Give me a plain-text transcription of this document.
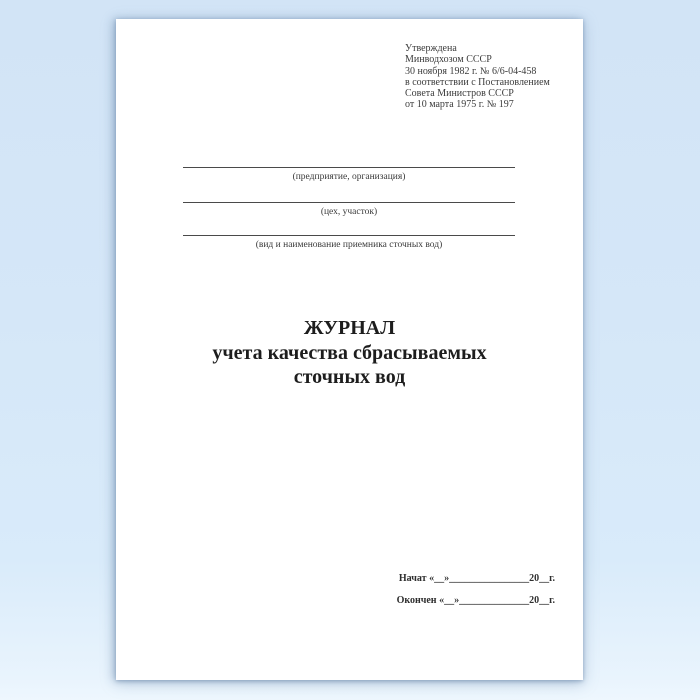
Утверждена
Минводхозом СССР
30 ноября 1982 г. № 6/6-04-458
в соответствии с Постановлением
Совета Министров СССР
от 10 марта 1975 г. № 197
(предприятие, организация)
(цех, участок)
(вид и наименование приемника сточных вод)
ЖУРНАЛ
учета качества сбрасываемых
сточных вод
Начат «__»________________20__г.
Окончен «__»______________20__г.
